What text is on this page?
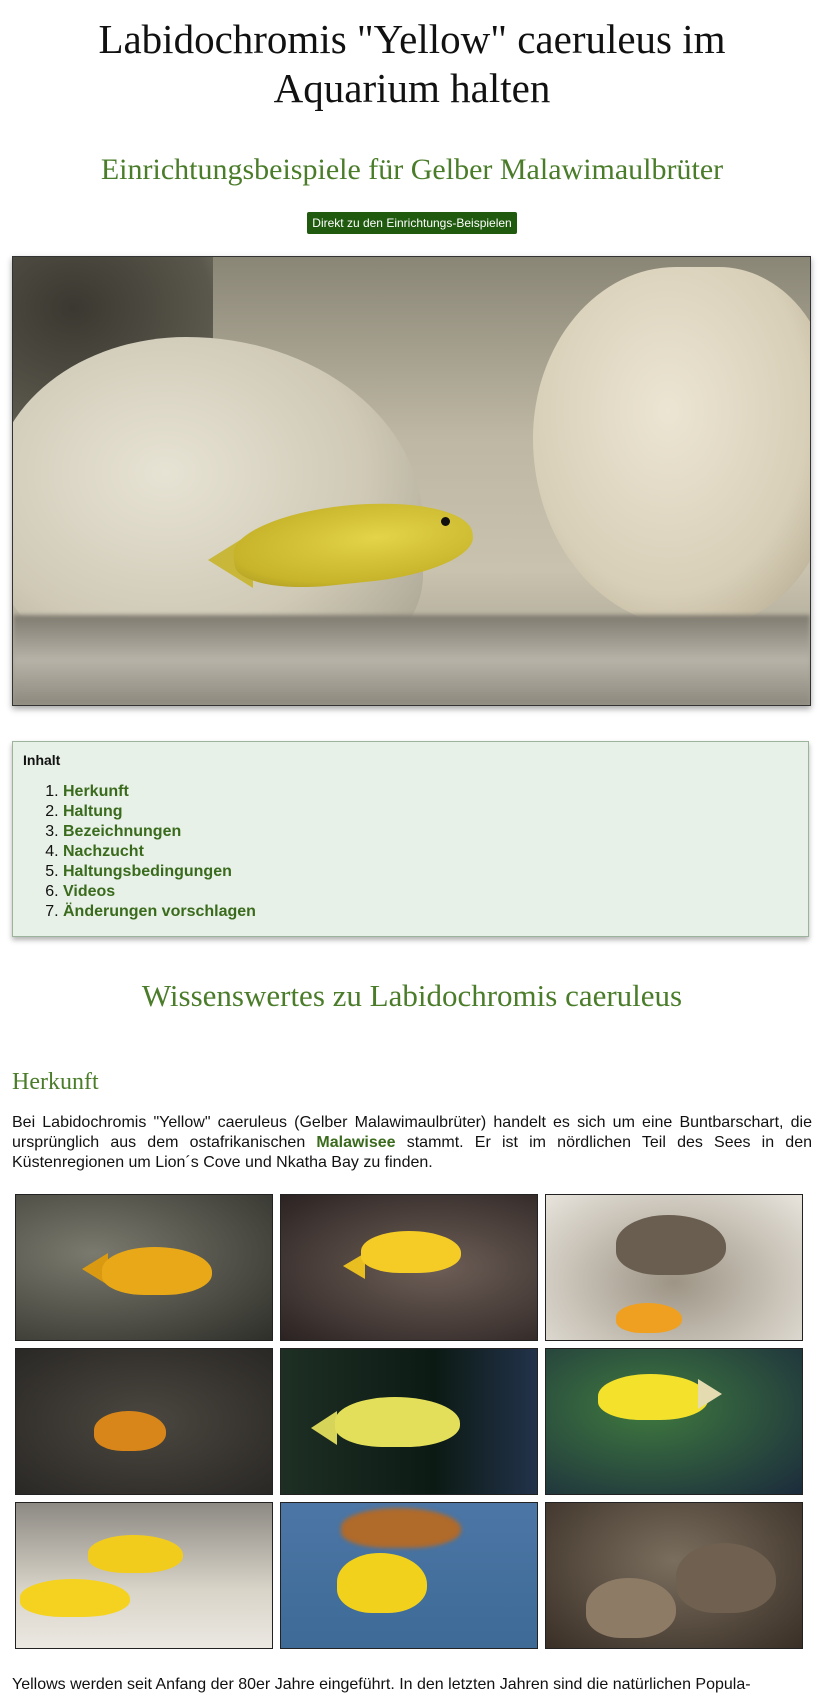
Labidochromis "Yellow" caeruleus im Aquarium halten
Einrichtungsbeispiele für Gelber Malawimaulbrüter
Direkt zu den Einrichtungs-Beispielen
Inhalt
1. Herkunft
2. Haltung
3. Bezeichnungen
4. Nachzucht
5. Haltungsbedingungen
6. Videos
7. Änderungen vorschlagen
Wissenswertes zu Labidochromis caeruleus
Herkunft

Bei Labidochromis "Yellow" caeruleus (Gelber Malawimaulbrüter) handelt es sich um eine Buntbarschart, die ursprünglich aus dem ostafrikanischen Malawisee stammt. Er ist im nördlichen Teil des Sees in den Küstenregionen um Lion´s Cove und Nkatha Bay zu finden.

Yellows werden seit Anfang der 80er Jahre eingeführt. In den letzten Jahren sind die natürlichen Popula-
